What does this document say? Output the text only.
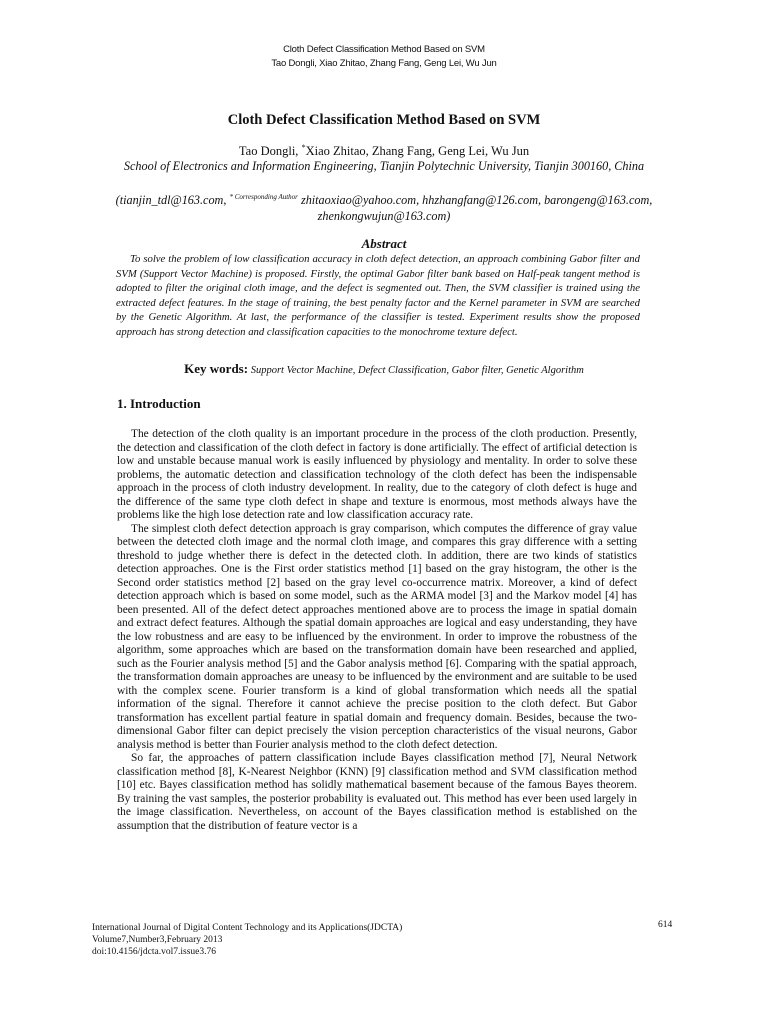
Cloth Defect Classification Method Based on SVM
Tao Dongli, Xiao Zhitao, Zhang Fang, Geng Lei, Wu Jun
Cloth Defect Classification Method Based on SVM
Tao Dongli, *Xiao Zhitao, Zhang Fang, Geng Lei, Wu Jun
School of Electronics and Information Engineering, Tianjin Polytechnic University, Tianjin 300160, China
(tianjin_tdl@163.com, $^{* Corresponding Author}$ zhitaoxiao@yahoo.com, hhzhangfang@126.com, barongeng@163.com, zhenkongwujun@163.com)
Abstract
To solve the problem of low classification accuracy in cloth defect detection, an approach combining Gabor filter and SVM (Support Vector Machine) is proposed. Firstly, the optimal Gabor filter bank based on Half-peak tangent method is adopted to filter the original cloth image, and the defect is segmented out. Then, the SVM classifier is trained using the extracted defect features. In the stage of training, the best penalty factor and the Kernel parameter in SVM are searched by the Genetic Algorithm. At last, the performance of the classifier is tested. Experiment results show the proposed approach has strong detection and classification capacities to the monochrome texture defect.
Key words: Support Vector Machine, Defect Classification, Gabor filter, Genetic Algorithm
1. Introduction

The detection of the cloth quality is an important procedure in the process of the cloth production. Presently, the detection and classification of the cloth defect in factory is done artificially. The effect of artificial detection is low and unstable because manual work is easily influenced by physiology and mentality. In order to solve these problems, the automatic detection and classification technology of the cloth defect has been the indispensable approach in the process of cloth industry development. In reality, due to the category of cloth defect is huge and the difference of the same type cloth defect in shape and texture is enormous, most methods always have the problems like the high lose detection rate and low classification accuracy rate.

The simplest cloth defect detection approach is gray comparison, which computes the difference of gray value between the detected cloth image and the normal cloth image, and compares this gray difference with a setting threshold to judge whether there is defect in the detected cloth. In addition, there are two kinds of statistics detection approaches. One is the First order statistics method [1] based on the gray histogram, the other is the Second order statistics method [2] based on the gray level co-occurrence matrix. Moreover, a kind of defect detection approach which is based on some model, such as the ARMA model [3] and the Markov model [4] has been presented. All of the defect detect approaches mentioned above are to process the image in spatial domain and extract defect features. Although the spatial domain approaches are logical and easy understanding, they have the low robustness and are easy to be influenced by the environment. In order to improve the robustness of the algorithm, some approaches which are based on the transformation domain have been researched and applied, such as the Fourier analysis method [5] and the Gabor analysis method [6]. Comparing with the spatial approach, the transformation domain approaches are uneasy to be influenced by the environment and are suitable to be used with the complex scene. Fourier transform is a kind of global transformation which needs all the spatial information of the signal. Therefore it cannot achieve the precise position to the cloth defect. But Gabor transformation has excellent partial feature in spatial domain and frequency domain. Besides, because the two-dimensional Gabor filter can depict precisely the vision perception characteristics of the visual neurons, Gabor analysis method is better than Fourier analysis method to the cloth defect detection.

So far, the approaches of pattern classification include Bayes classification method [7], Neural Network classification method [8], K-Nearest Neighbor (KNN) [9] classification method and SVM classification method [10] etc. Bayes classification method has solidly mathematical basement because of the famous Bayes theorem. By training the vast samples, the posterior probability is evaluated out. This method has ever been used largely in the image classification. Nevertheless, on account of the Bayes classification method is established on the assumption that the distribution of feature vector is a

International Journal of Digital Content Technology and its Applications(JDCTA)
Volume7,Number3,February 2013
doi:10.4156/jdcta.vol7.issue3.76
614
